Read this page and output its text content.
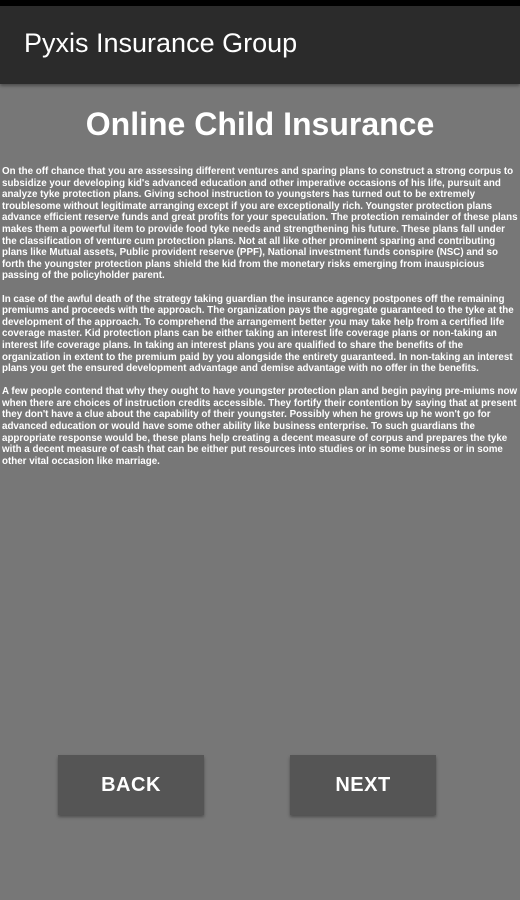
Pyxis Insurance Group
Online Child Insurance

On the off chance that you are assessing different ventures and sparing plans to construct a strong corpus to subsidize your developing kid's advanced education and other imperative occasions of his life, pursuit and analyze tyke protection plans. Giving school instruction to youngsters has turned out to be extremely troublesome without legitimate arranging except if you are exceptionally rich. Youngster protection plans advance efficient reserve funds and great profits for your speculation. The protection remainder of these plans makes them a powerful item to provide food tyke needs and strengthening his future. These plans fall under the classification of venture cum protection plans. Not at all like other prominent sparing and contributing plans like Mutual assets, Public provident reserve (PPF), National investment funds conspire (NSC) and so forth the youngster protection plans shield the kid from the monetary risks emerging from inauspicious passing of the policyholder parent.

In case of the awful death of the strategy taking guardian the insurance agency postpones off the remaining premiums and proceeds with the approach. The organization pays the aggregate guaranteed to the tyke at the development of the approach. To comprehend the arrangement better you may take help from a certified life coverage master. Kid protection plans can be either taking an interest life coverage plans or non-taking an interest life coverage plans. In taking an interest plans you are qualified to share the benefits of the organization in extent to the premium paid by you alongside the entirety guaranteed. In non-taking an interest plans you get the ensured development advantage and demise advantage with no offer in the benefits.

A few people contend that why they ought to have youngster protection plan and begin paying pre-miums now when there are choices of instruction credits accessible. They fortify their contention by saying that at present they don't have a clue about the capability of their youngster. Possibly when he grows up he won't go for advanced education or would have some other ability like business enterprise. To such guardians the appropriate response would be, these plans help creating a decent measure of corpus and prepares the tyke with a decent measure of cash that can be either put resources into studies or in some business or in some other vital occasion like marriage.

BACK	NEXT
